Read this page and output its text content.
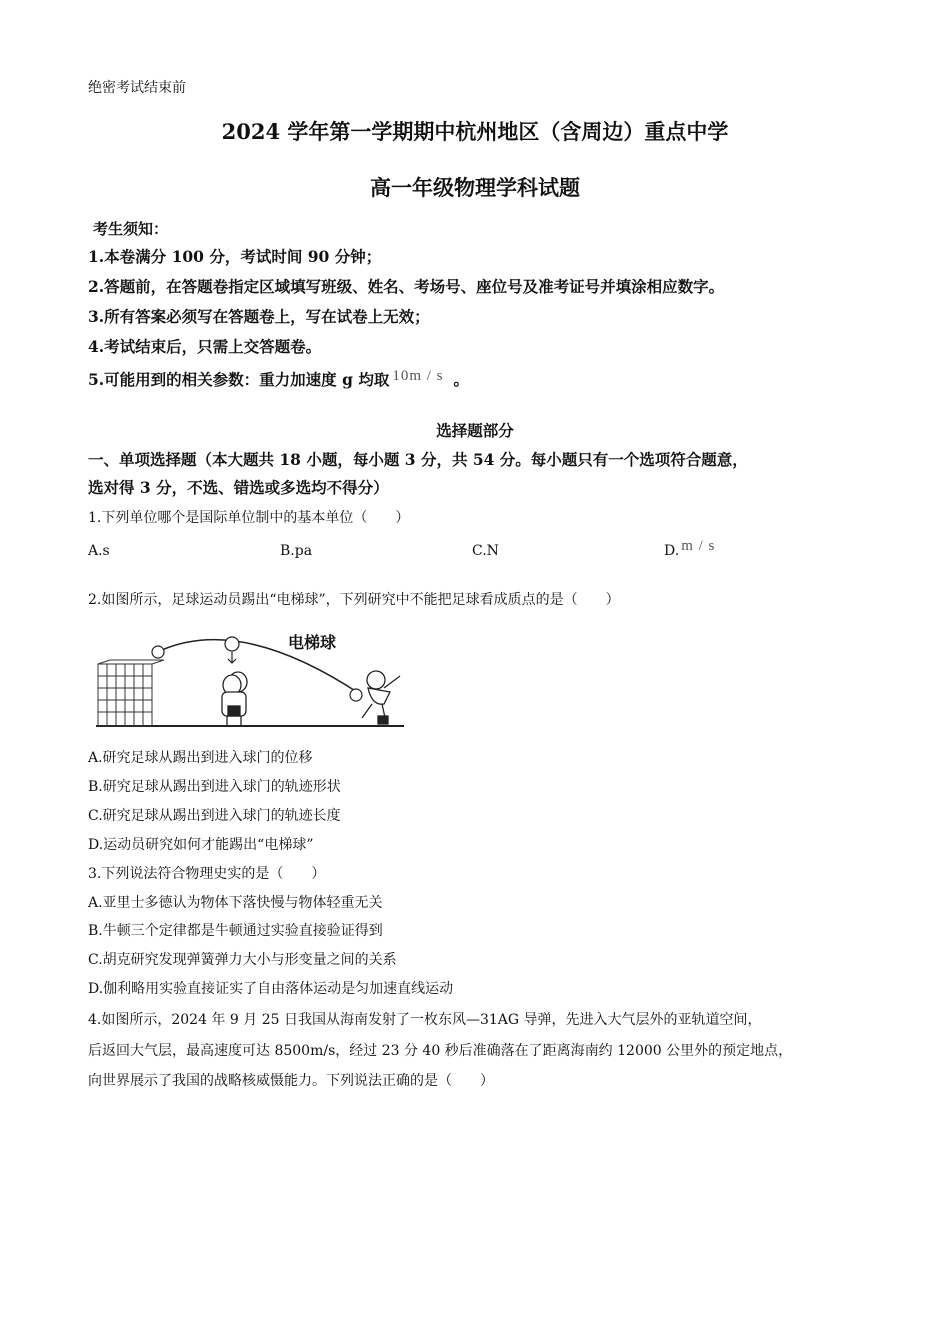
绝密考试结束前
2024 学年第一学期期中杭州地区（含周边）重点中学
高一年级物理学科试题
考生须知：
1.本卷满分 100 分，考试时间 90 分钟；
2.答题前，在答题卷指定区域填写班级、姓名、考场号、座位号及准考证号并填涂相应数字。
3.所有答案必须写在答题卷上，写在试卷上无效；
4.考试结束后，只需上交答题卷。
5.可能用到的相关参数：重力加速度 g 均取 10m / s 。
选择题部分
一、单项选择题（本大题共 18 小题，每小题 3 分，共 54 分。每小题只有一个选项符合题意，
选对得 3 分，不选、错选或多选均不得分）
1.下列单位哪个是国际单位制中的基本单位（　　）
A.s	B.pa	C.N	D. m / s
2.如图所示，足球运动员踢出“电梯球”，下列研究中不能把足球看成质点的是（　　）
电梯球
A.研究足球从踢出到进入球门的位移
B.研究足球从踢出到进入球门的轨迹形状
C.研究足球从踢出到进入球门的轨迹长度
D.运动员研究如何才能踢出“电梯球”
3.下列说法符合物理史实的是（　　）
A.亚里士多德认为物体下落快慢与物体轻重无关
B.牛顿三个定律都是牛顿通过实验直接验证得到
C.胡克研究发现弹簧弹力大小与形变量之间的关系
D.伽利略用实验直接证实了自由落体运动是匀加速直线运动
4.如图所示，2024 年 9 月 25 日我国从海南发射了一枚东风—31AG 导弹，先进入大气层外的亚轨道空间，
后返回大气层，最高速度可达 8500m/s，经过 23 分 40 秒后准确落在了距离海南约 12000 公里外的预定地点，
向世界展示了我国的战略核威慑能力。下列说法正确的是（　　）
